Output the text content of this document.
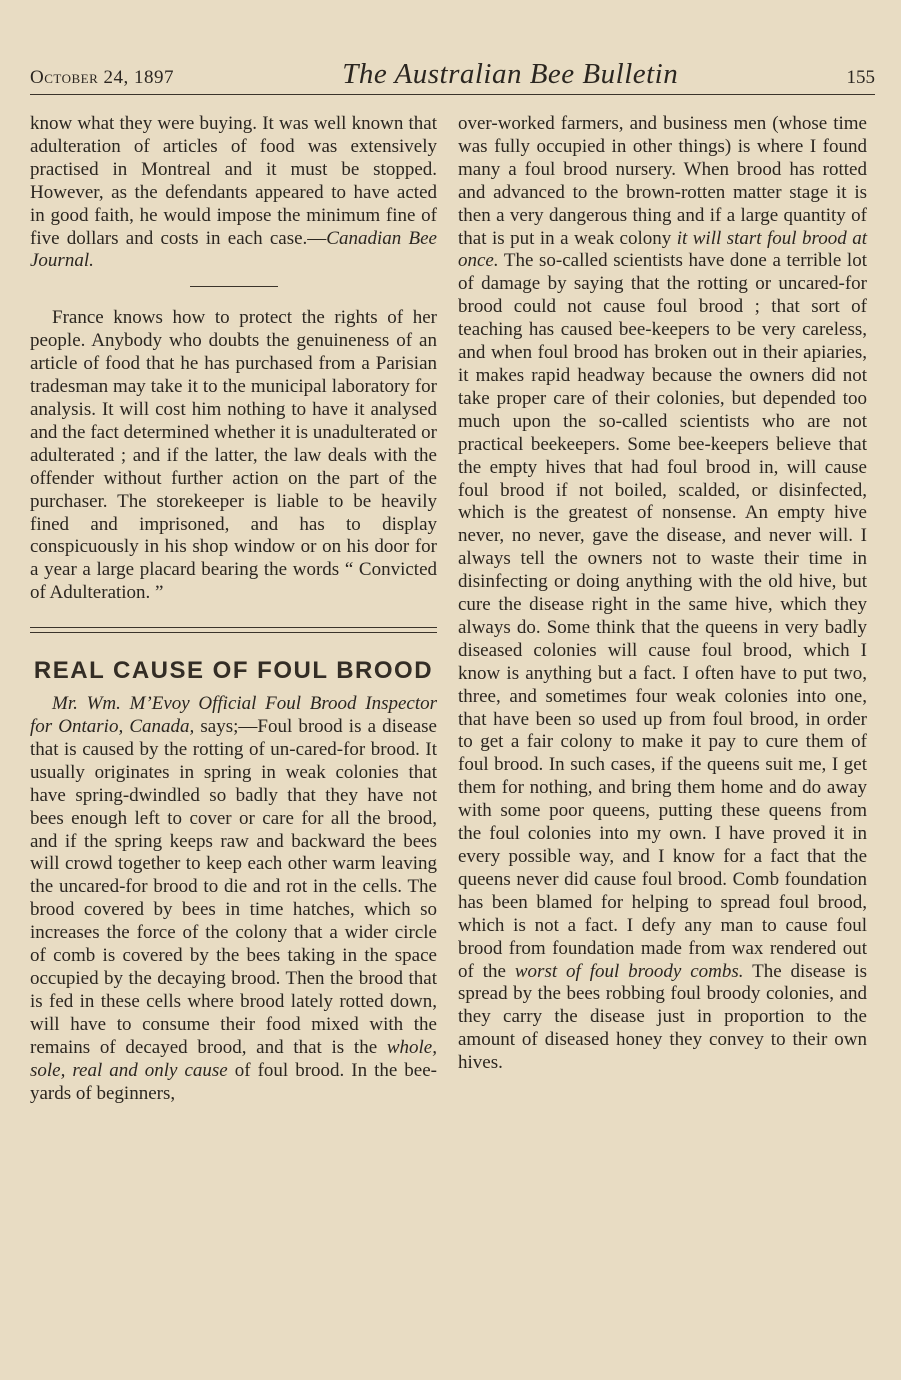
October 24, 1897	The Australian Bee Bulletin	155

know what they were buying. It was well known that adulteration of articles of food was extensively practised in Montreal and it must be stopped. However, as the defendants appeared to have acted in good faith, he would impose the minimum fine of five dollars and costs in each case.—Canadian Bee Journal.

France knows how to protect the rights of her people. Anybody who doubts the genuineness of an article of food that he has purchased from a Parisian tradesman may take it to the municipal laboratory for analysis. It will cost him nothing to have it analysed and the fact determined whether it is unadulterated or adulterated ; and if the latter, the law deals with the offender without further action on the part of the purchaser. The storekeeper is liable to be heavily fined and imprisoned, and has to display conspicuously in his shop window or on his door for a year a large placard bearing the words “ Convicted of Adulteration. ”

REAL CAUSE OF FOUL BROOD

Mr. Wm. M’Evoy Official Foul Brood Inspector for Ontario, Canada, says;—Foul brood is a disease that is caused by the rotting of un-cared-for brood. It usually originates in spring in weak colonies that have spring-dwindled so badly that they have not bees enough left to cover or care for all the brood, and if the spring keeps raw and backward the bees will crowd together to keep each other warm leaving the uncared-for brood to die and rot in the cells. The brood covered by bees in time hatches, which so increases the force of the colony that a wider circle of comb is covered by the bees taking in the space occupied by the decaying brood. Then the brood that is fed in these cells where brood lately rotted down, will have to consume their food mixed with the remains of decayed brood, and that is the whole, sole, real and only cause of foul brood. In the bee-yards of beginners,

over-worked farmers, and business men (whose time was fully occupied in other things) is where I found many a foul brood nursery. When brood has rotted and advanced to the brown-rotten matter stage it is then a very dangerous thing and if a large quantity of that is put in a weak colony it will start foul brood at once. The so-called scientists have done a terrible lot of damage by saying that the rotting or uncared-for brood could not cause foul brood ; that sort of teaching has caused bee-keepers to be very careless, and when foul brood has broken out in their apiaries, it makes rapid headway because the owners did not take proper care of their colonies, but depended too much upon the so-called scientists who are not practical beekeepers. Some bee-keepers believe that the empty hives that had foul brood in, will cause foul brood if not boiled, scalded, or disinfected, which is the greatest of nonsense. An empty hive never, no never, gave the disease, and never will. I always tell the owners not to waste their time in disinfecting or doing anything with the old hive, but cure the disease right in the same hive, which they always do. Some think that the queens in very badly diseased colonies will cause foul brood, which I know is anything but a fact. I often have to put two, three, and sometimes four weak colonies into one, that have been so used up from foul brood, in order to get a fair colony to make it pay to cure them of foul brood. In such cases, if the queens suit me, I get them for nothing, and bring them home and do away with some poor queens, putting these queens from the foul colonies into my own. I have proved it in every possible way, and I know for a fact that the queens never did cause foul brood. Comb foundation has been blamed for helping to spread foul brood, which is not a fact. I defy any man to cause foul brood from foundation made from wax rendered out of the worst of foul broody combs. The disease is spread by the bees robbing foul broody colonies, and they carry the disease just in proportion to the amount of diseased honey they convey to their own hives.
